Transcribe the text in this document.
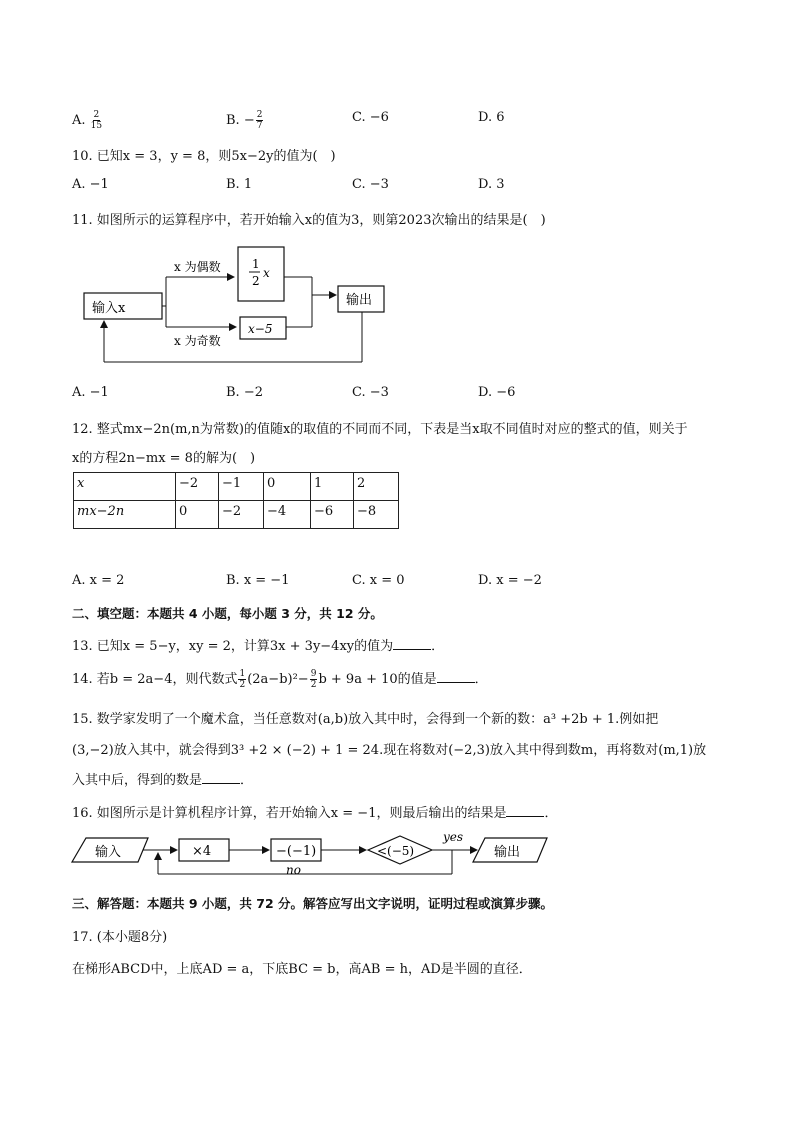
A. $\frac{2}{15}$	B. − $\frac{2}{7}$	C. −6	D. 6
10. 已知x = 3，y = 8，则5x−2y的值为(　)
A. −1	B. 1	C. −3	D. 3
11. 如图所示的运算程序中，若开始输入x的值为3，则第2023次输出的结果是(　)
输入x
x 为偶数
x 为奇数
1
2
x
x−5
输出
A. −1	B. −2	C. −3	D. −6
12. 整式mx−2n(m,n为常数)的值随x的取值的不同而不同，下表是当x取不同值时对应的整式的值，则关于
x的方程2n−mx = 8的解为(　)
x	−2	−1	0	1	2
mx−2n	0	−2	−4	−6	−8
A. x = 2	B. x = −1	C. x = 0	D. x = −2
二、填空题：本题共 4 小题，每小题 3 分，共 12 分。
13. 已知x = 5−y，xy = 2，计算3x + 3y−4xy的值为	．
14. 若b = 2a−4，则代数式 $\frac{1}{2} (2a-b)^2- \frac{9}{2}$ b + 9a + 10的值是	．
15. 数学家发明了一个魔术盒，当任意数对(a,b)放入其中时，会得到一个新的数：a³ +2b + 1.例如把
(3,−2)放入其中，就会得到3³ +2 × (−2) + 1 = 24.现在将数对(−2,3)放入其中得到数m，再将数对(m,1)放
入其中后，得到的数是	．
16. 如图所示是计算机程序计算，若开始输入x = −1，则最后输出的结果是	．
输入	×4	−(−1)	<(−5)
yes
输出
no
三、解答题：本题共 9 小题，共 72 分。解答应写出文字说明，证明过程或演算步骤。
17. (本小题8分)
在梯形ABCD中，上底AD = a，下底BC = b，高AB = h，AD是半圆的直径．
